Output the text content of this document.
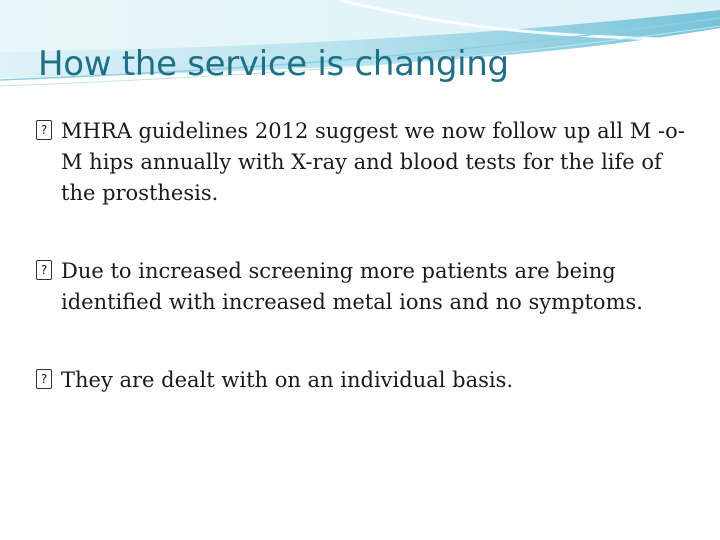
How the service is changing
? MHRA guidelines 2012 suggest we now follow up all M -o-M hips annually with X-ray and blood tests for the life of the prosthesis.
? Due to increased screening more patients are being identified with increased metal ions and no symptoms.
? They are dealt with on an individual basis.
